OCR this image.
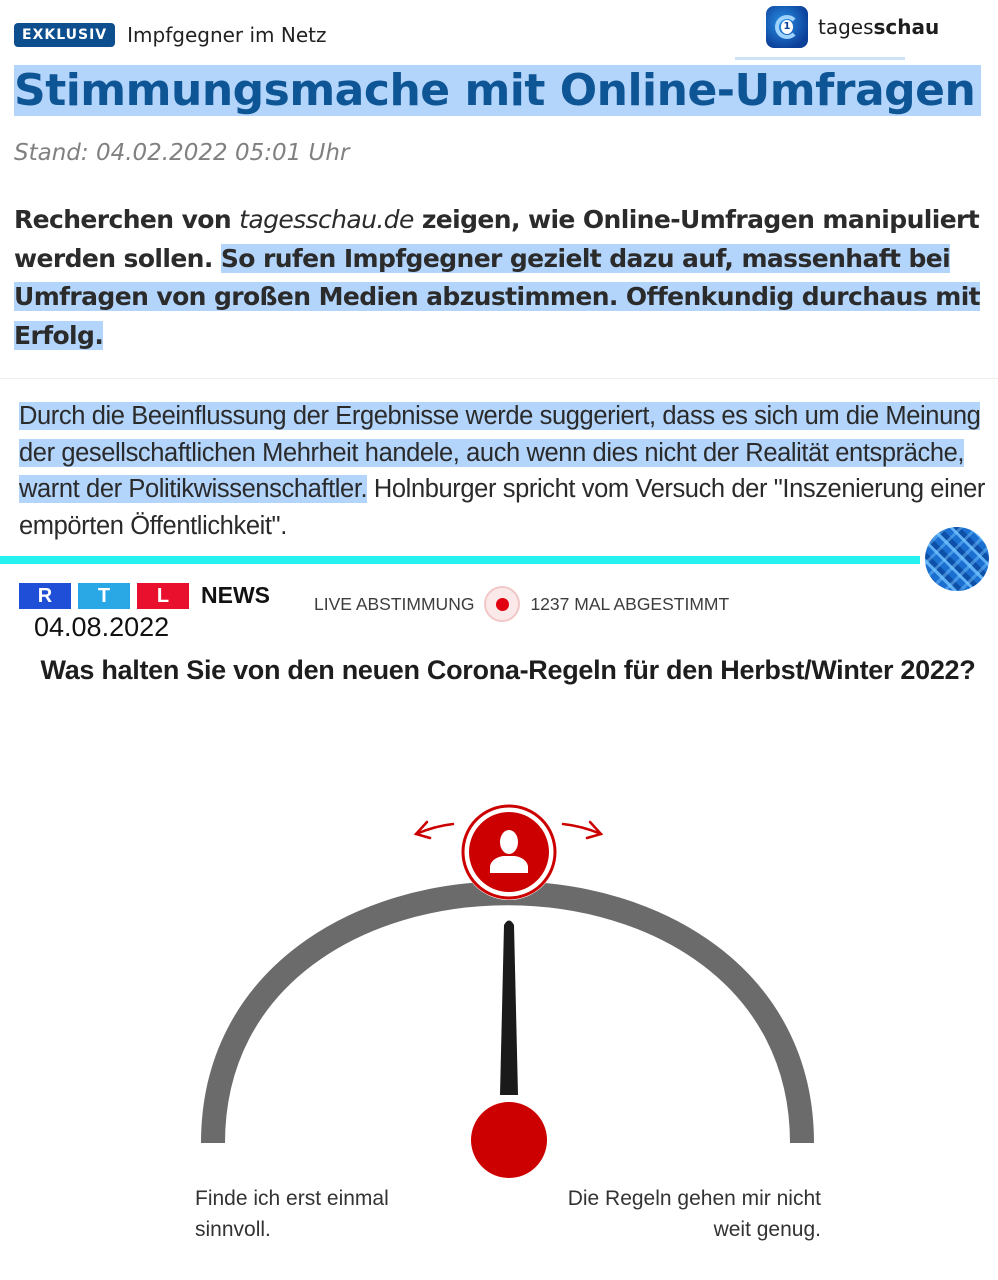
EXKLUSIV	Impfgegner im Netz	1 tagesschau
Stimmungsmache mit Online-Umfragen
Stand: 04.02.2022 05:01 Uhr

Recherchen von tagesschau.de zeigen, wie Online-Umfragen manipuliert werden sollen. So rufen Impfgegner gezielt dazu auf, massenhaft bei Umfragen von großen Medien abzustimmen. Offenkundig durchaus mit Erfolg.

Durch die Beeinflussung der Ergebnisse werde suggeriert, dass es sich um die Meinung der gesellschaftlichen Mehrheit handele, auch wenn dies nicht der Realität entspräche, warnt der Politikwissenschaftler. Holnburger spricht vom Versuch der "Inszenierung einer empörten Öffentlichkeit".

R	T	L	NEWS
04.08.2022
LIVE ABSTIMMUNG	1237 MAL ABGESTIMMT
Was halten Sie von den neuen Corona-Regeln für den Herbst/Winter 2022?
Finde ich erst einmal sinnvoll.
Die Regeln gehen mir nicht weit genug.
